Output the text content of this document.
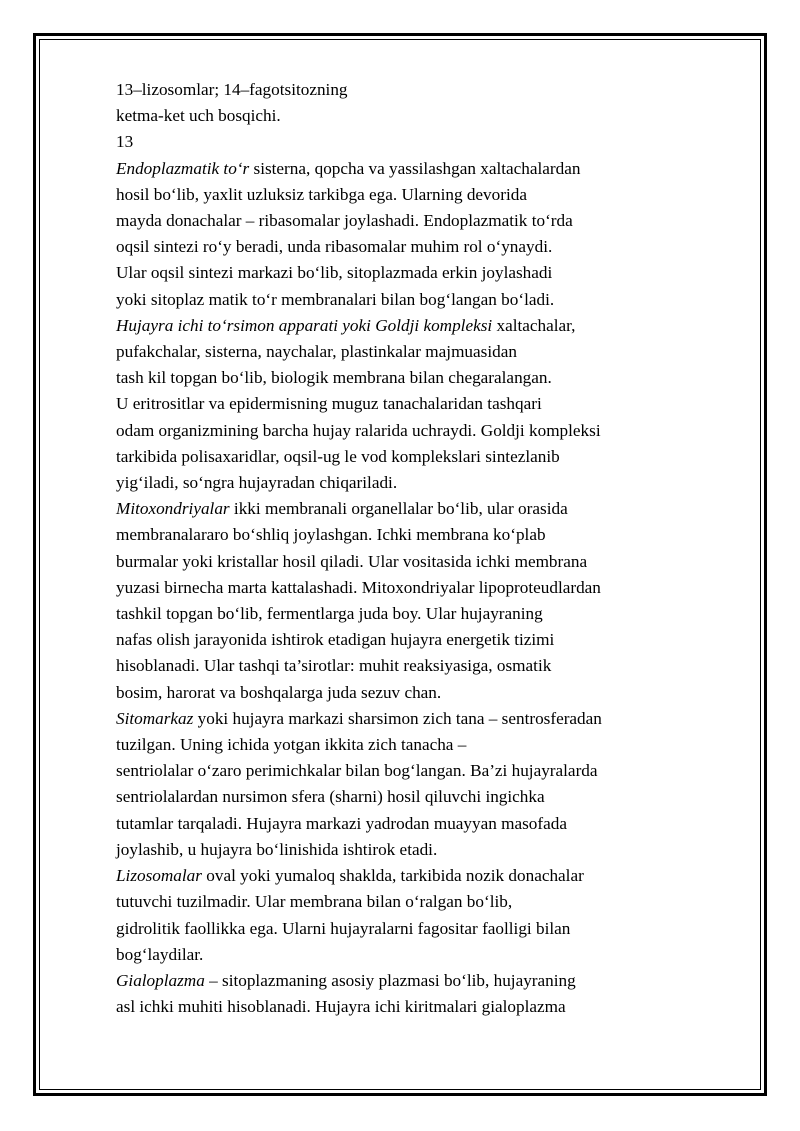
13–lizosomlar; 14–fagotsitozning
ketma-ket uch bosqichi.
13
Endoplazmatik to‘r sisterna, qopcha va yassilashgan xaltachalardan
hosil bo‘lib, yaxlit uzluksiz tarkibga ega. Ularning devorida
mayda donachalar – ribasomalar joylashadi. Endoplazmatik to‘rda
oqsil sintezi ro‘y beradi, unda ribasomalar muhim rol o‘ynaydi.
Ular oqsil sintezi markazi bo‘lib, sitoplazmada erkin joylashadi
yoki sitoplaz matik to‘r membranalari bilan bog‘langan bo‘ladi.
Hujayra ichi to‘rsimon apparati yoki Goldji kompleksi xaltachalar,
pufakchalar, sisterna, naychalar, plastinkalar majmuasidan
tash kil topgan bo‘lib, biologik membrana bilan chegaralangan.
U eritrositlar va epidermisning muguz tanachalaridan tashqari
odam organizmining barcha hujay ralarida uchraydi. Goldji kompleksi
tarkibida polisaxaridlar, oqsil-ug le vod komplekslari sintezlanib
yig‘iladi, so‘ngra hujayradan chiqariladi.
Mitoxondriyalar ikki membranali organellalar bo‘lib, ular orasida
membranalararo bo‘shliq joylashgan. Ichki membrana ko‘plab
burmalar yoki kristallar hosil qiladi. Ular vositasida ichki membrana
yuzasi birnecha marta kattalashadi. Mitoxondriyalar lipoproteudlardan
tashkil topgan bo‘lib, fermentlarga juda boy. Ular hujayraning
nafas olish jarayonida ishtirok etadigan hujayra energetik tizimi
hisoblanadi. Ular tashqi ta’sirotlar: muhit reaksiyasiga, osmatik
bosim, harorat va boshqalarga juda sezuv chan.
Sitomarkaz yoki hujayra markazi sharsimon zich tana – sentrosferadan
tuzilgan. Uning ichida yotgan ikkita zich tanacha –
sentriolalar o‘zaro perimichkalar bilan bog‘langan. Ba’zi hujayralarda
sentriolalardan nursimon sfera (sharni) hosil qiluvchi ingichka
tutamlar tarqaladi. Hujayra markazi yadrodan muayyan masofada
joylashib, u hujayra bo‘linishida ishtirok etadi.
Lizosomalar oval yoki yumaloq shaklda, tarkibida nozik donachalar
tutuvchi tuzilmadir. Ular membrana bilan o‘ralgan bo‘lib,
gidrolitik faollikka ega. Ularni hujayralarni fagositar faolligi bilan
bog‘laydilar.
Gialoplazma – sitoplazmaning asosiy plazmasi bo‘lib, hujayraning
asl ichki muhiti hisoblanadi. Hujayra ichi kiritmalari gialoplazma
